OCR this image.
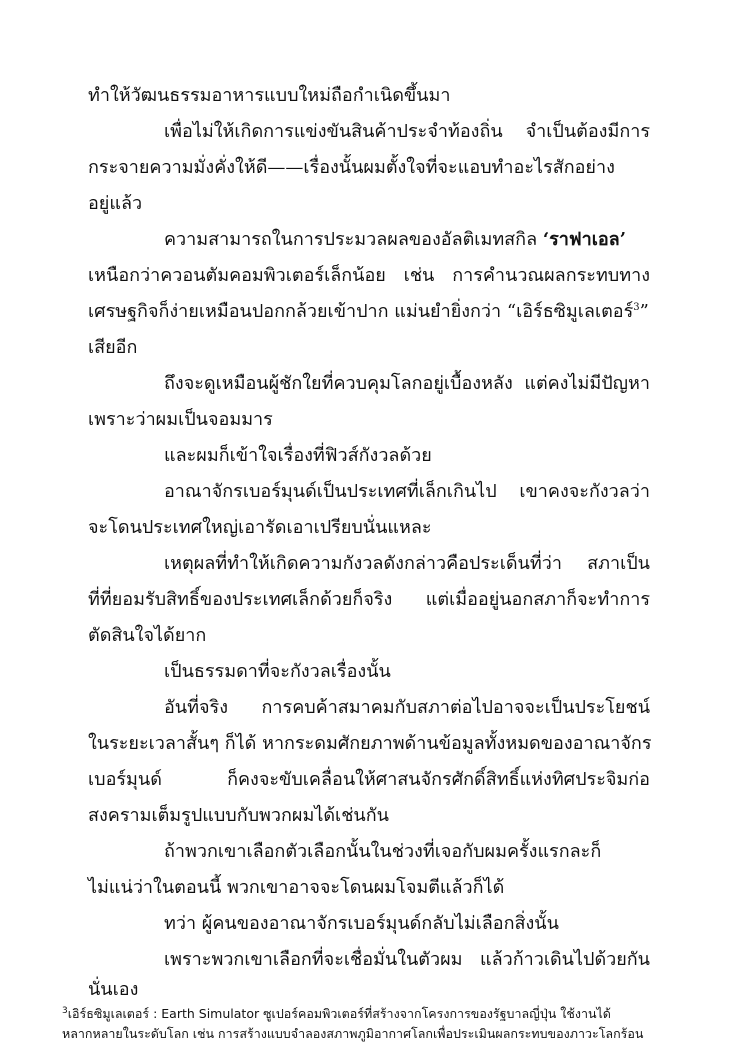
ทำให้วัฒนธรรมอาหารแบบใหม่ถือกำเนิดขึ้นมา
เพื่อไม่ให้เกิดการแข่งขันสินค้าประจำท้องถิ่น จำเป็นต้องมีการ
กระจายความมั่งคั่งให้ดี——เรื่องนั้นผมตั้งใจที่จะแอบทำอะไรสักอย่าง
อยู่แล้ว
ความสามารถในการประมวลผลของอัลติเมทสกิล ‘ราฟาเอล’
เหนือกว่าควอนตัมคอมพิวเตอร์เล็กน้อย เช่น การคำนวณผลกระทบทาง
เศรษฐกิจก็ง่ายเหมือนปอกกล้วยเข้าปาก แม่นยำยิ่งกว่า “เอิร์ธซิมูเลเตอร์$^3$”
เสียอีก
ถึงจะดูเหมือนผู้ชักใยที่ควบคุมโลกอยู่เบื้องหลัง แต่คงไม่มีปัญหา
เพราะว่าผมเป็นจอมมาร
และผมก็เข้าใจเรื่องที่ฟิวส์กังวลด้วย
อาณาจักรเบอร์มุนด์เป็นประเทศที่เล็กเกินไป เขาคงจะกังวลว่า
จะโดนประเทศใหญ่เอารัดเอาเปรียบนั่นแหละ
เหตุผลที่ทำให้เกิดความกังวลดังกล่าวคือประเด็นที่ว่า สภาเป็น
ที่ที่ยอมรับสิทธิ์ของประเทศเล็กด้วยก็จริง แต่เมื่ออยู่นอกสภาก็จะทำการ
ตัดสินใจได้ยาก
เป็นธรรมดาที่จะกังวลเรื่องนั้น
อันที่จริง การคบค้าสมาคมกับสภาต่อไปอาจจะเป็นประโยชน์
ในระยะเวลาสั้นๆ ก็ได้ หากระดมศักยภาพด้านข้อมูลทั้งหมดของอาณาจักร
เบอร์มุนด์ ก็คงจะขับเคลื่อนให้ศาสนจักรศักดิ์สิทธิ์แห่งทิศประจิมก่อ
สงครามเต็มรูปแบบกับพวกผมได้เช่นกัน
ถ้าพวกเขาเลือกตัวเลือกนั้นในช่วงที่เจอกับผมครั้งแรกละก็
ไม่แน่ว่าในตอนนี้ พวกเขาอาจจะโดนผมโจมตีแล้วก็ได้
ทว่า ผู้คนของอาณาจักรเบอร์มุนด์กลับไม่เลือกสิ่งนั้น
เพราะพวกเขาเลือกที่จะเชื่อมั่นในตัวผม แล้วก้าวเดินไปด้วยกัน
นั่นเอง
$^3$เอิร์ธซิมูเลเตอร์ : Earth Simulator ซูเปอร์คอมพิวเตอร์ที่สร้างจากโครงการของรัฐบาลญี่ปุ่น ใช้งานได้
หลากหลายในระดับโลก เช่น การสร้างแบบจำลองสภาพภูมิอากาศโลกเพื่อประเมินผลกระทบของภาวะโลกร้อน
